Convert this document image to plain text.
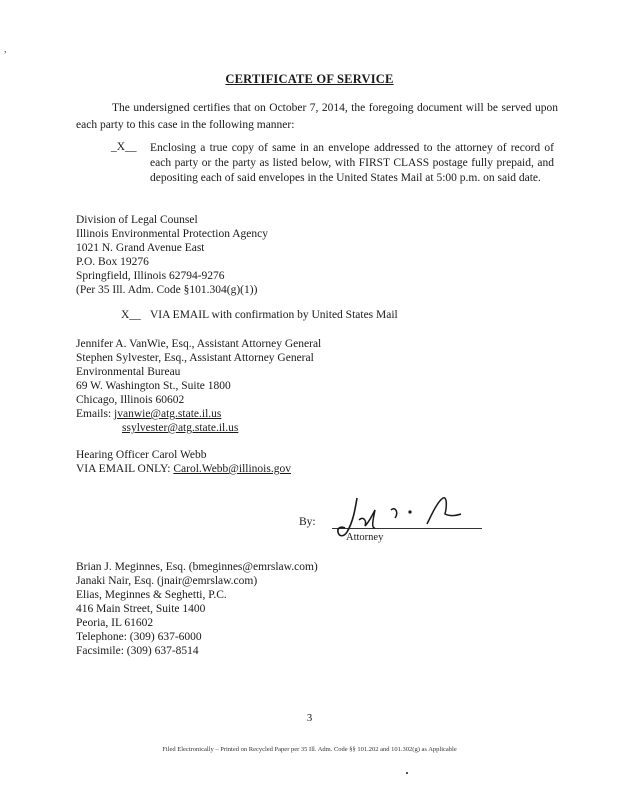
,
CERTIFICATE OF SERVICE
The undersigned certifies that on October 7, 2014, the foregoing document will be served upon each party to this case in the following manner:
_X__ Enclosing a true copy of same in an envelope addressed to the attorney of record of each party or the party as listed below, with FIRST CLASS postage fully prepaid, and depositing each of said envelopes in the United States Mail at 5:00 p.m. on said date.
Division of Legal Counsel
Illinois Environmental Protection Agency
1021 N. Grand Avenue East
P.O. Box 19276
Springfield, Illinois 62794-9276
(Per 35 Ill. Adm. Code §101.304(g)(1))
X__ VIA EMAIL with confirmation by United States Mail
Jennifer A. VanWie, Esq., Assistant Attorney General
Stephen Sylvester, Esq., Assistant Attorney General
Environmental Bureau
69 W. Washington St., Suite 1800
Chicago, Illinois 60602
Emails: jvanwie@atg.state.il.us
ssylvester@atg.state.il.us
Hearing Officer Carol Webb
VIA EMAIL ONLY: Carol.Webb@illinois.gov
By:
Attorney
Brian J. Meginnes, Esq. (bmeginnes@emrslaw.com)
Janaki Nair, Esq. (jnair@emrslaw.com)
Elias, Meginnes & Seghetti, P.C.
416 Main Street, Suite 1400
Peoria, IL 61602
Telephone: (309) 637-6000
Facsimile: (309) 637-8514
3
Filed Electronically – Printed on Recycled Paper per 35 Ill. Adm. Code §§ 101.202 and 101.302(g) as Applicable
